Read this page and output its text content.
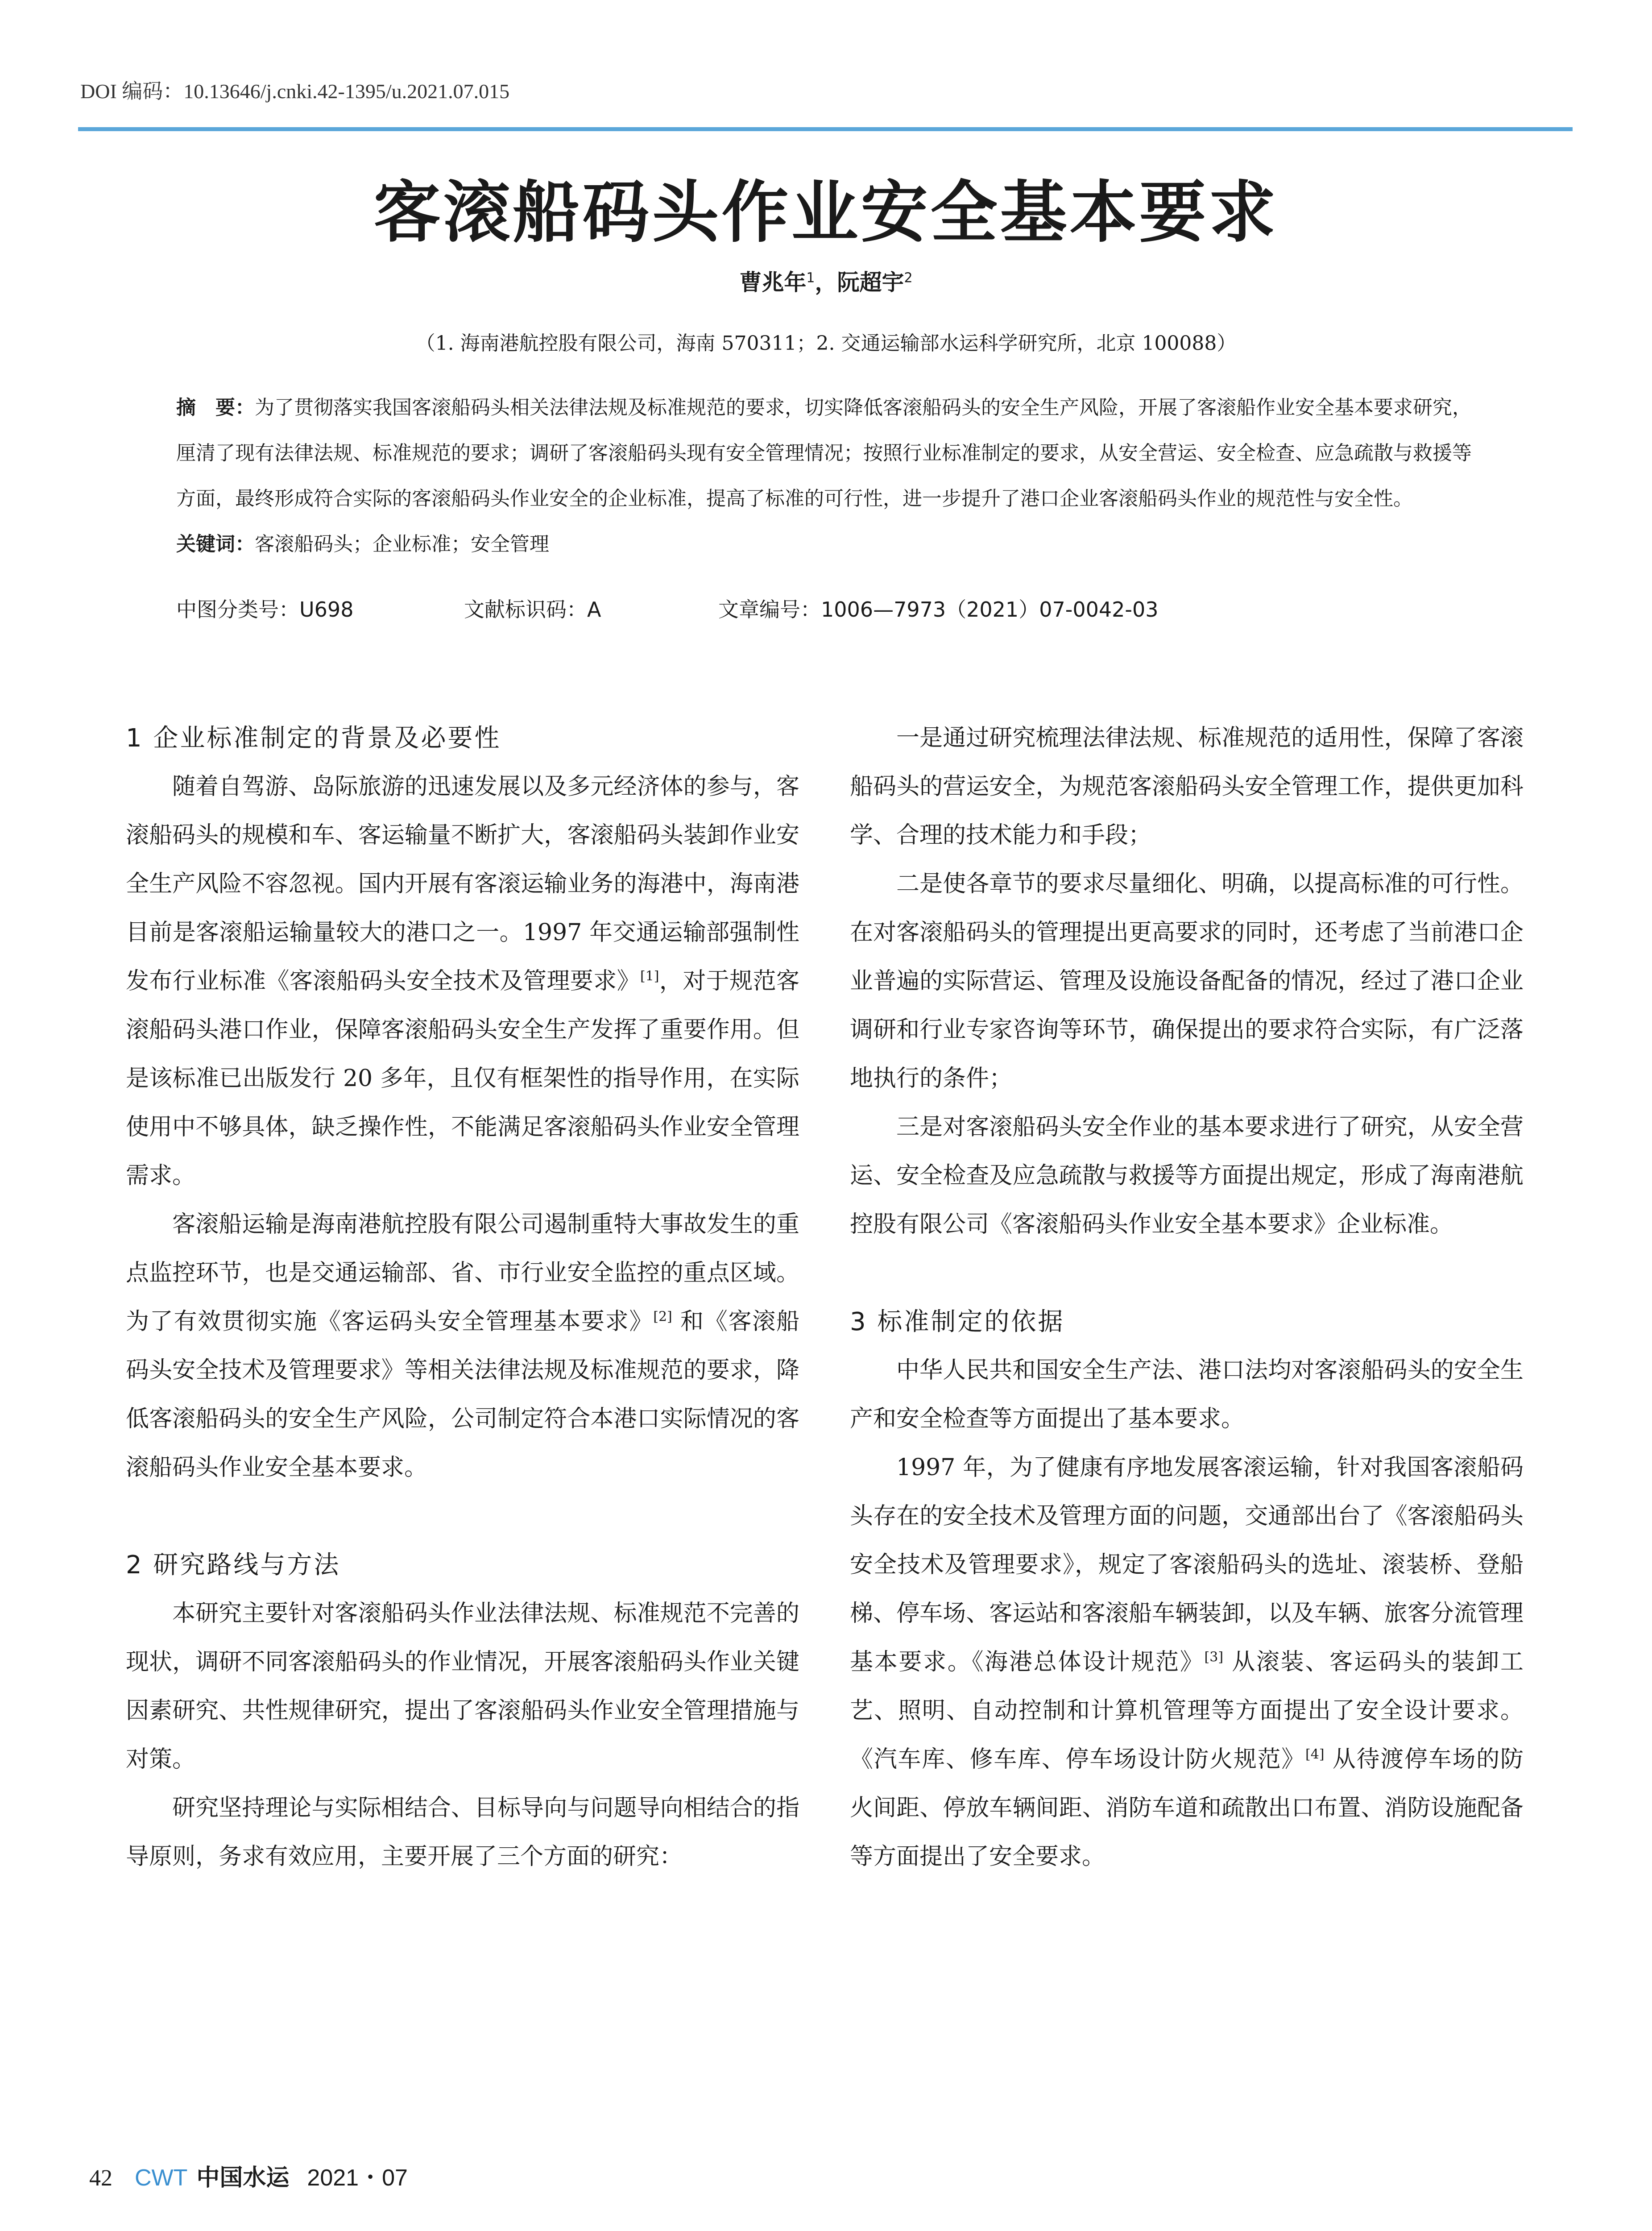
DOI 编码：10.13646/j.cnki.42-1395/u.2021.07.015
客滚船码头作业安全基本要求
曹兆年$^1$，阮超宇$^2$
（1. 海南港航控股有限公司，海南 570311；2. 交通运输部水运科学研究所，北京 100088）
摘　要：为了贯彻落实我国客滚船码头相关法律法规及标准规范的要求，切实降低客滚船码头的安全生产风险，开展了客滚船作业安全基本要求研究，厘清了现有法律法规、标准规范的要求；调研了客滚船码头现有安全管理情况；按照行业标准制定的要求，从安全营运、安全检查、应急疏散与救援等方面，最终形成符合实际的客滚船码头作业安全的企业标准，提高了标准的可行性，进一步提升了港口企业客滚船码头作业的规范性与安全性。
关键词：客滚船码头；企业标准；安全管理
中图分类号：U698	文献标识码：A	文章编号：1006—7973（2021）07-0042-03
1 企业标准制定的背景及必要性

随着自驾游、岛际旅游的迅速发展以及多元经济体的参与，客滚船码头的规模和车、客运输量不断扩大，客滚船码头装卸作业安全生产风险不容忽视。国内开展有客滚运输业务的海港中，海南港目前是客滚船运输量较大的港口之一。1997 年交通运输部强制性发布行业标准《客滚船码头安全技术及管理要求》[1]，对于规范客滚船码头港口作业，保障客滚船码头安全生产发挥了重要作用。但是该标准已出版发行 20 多年，且仅有框架性的指导作用，在实际使用中不够具体，缺乏操作性，不能满足客滚船码头作业安全管理需求。

客滚船运输是海南港航控股有限公司遏制重特大事故发生的重点监控环节，也是交通运输部、省、市行业安全监控的重点区域。为了有效贯彻实施《客运码头安全管理基本要求》[2] 和《客滚船码头安全技术及管理要求》等相关法律法规及标准规范的要求，降低客滚船码头的安全生产风险，公司制定符合本港口实际情况的客滚船码头作业安全基本要求。

2 研究路线与方法

本研究主要针对客滚船码头作业法律法规、标准规范不完善的现状，调研不同客滚船码头的作业情况，开展客滚船码头作业关键因素研究、共性规律研究，提出了客滚船码头作业安全管理措施与对策。

研究坚持理论与实际相结合、目标导向与问题导向相结合的指导原则，务求有效应用，主要开展了三个方面的研究：

一是通过研究梳理法律法规、标准规范的适用性，保障了客滚船码头的营运安全，为规范客滚船码头安全管理工作，提供更加科学、合理的技术能力和手段；

二是使各章节的要求尽量细化、明确，以提高标准的可行性。在对客滚船码头的管理提出更高要求的同时，还考虑了当前港口企业普遍的实际营运、管理及设施设备配备的情况，经过了港口企业调研和行业专家咨询等环节，确保提出的要求符合实际，有广泛落地执行的条件；

三是对客滚船码头安全作业的基本要求进行了研究，从安全营运、安全检查及应急疏散与救援等方面提出规定，形成了海南港航控股有限公司《客滚船码头作业安全基本要求》企业标准。

3 标准制定的依据

中华人民共和国安全生产法、港口法均对客滚船码头的安全生产和安全检查等方面提出了基本要求。

1997 年，为了健康有序地发展客滚运输，针对我国客滚船码头存在的安全技术及管理方面的问题，交通部出台了《客滚船码头安全技术及管理要求》，规定了客滚船码头的选址、滚装桥、登船梯、停车场、客运站和客滚船车辆装卸，以及车辆、旅客分流管理基本要求。《海港总体设计规范》[3] 从滚装、客运码头的装卸工艺、照明、自动控制和计算机管理等方面提出了安全设计要求。《汽车库、修车库、停车场设计防火规范》[4] 从待渡停车场的防火间距、停放车辆间距、消防车道和疏散出口布置、消防设施配备等方面提出了安全要求。

42 CWT 中国水运 2021・07
